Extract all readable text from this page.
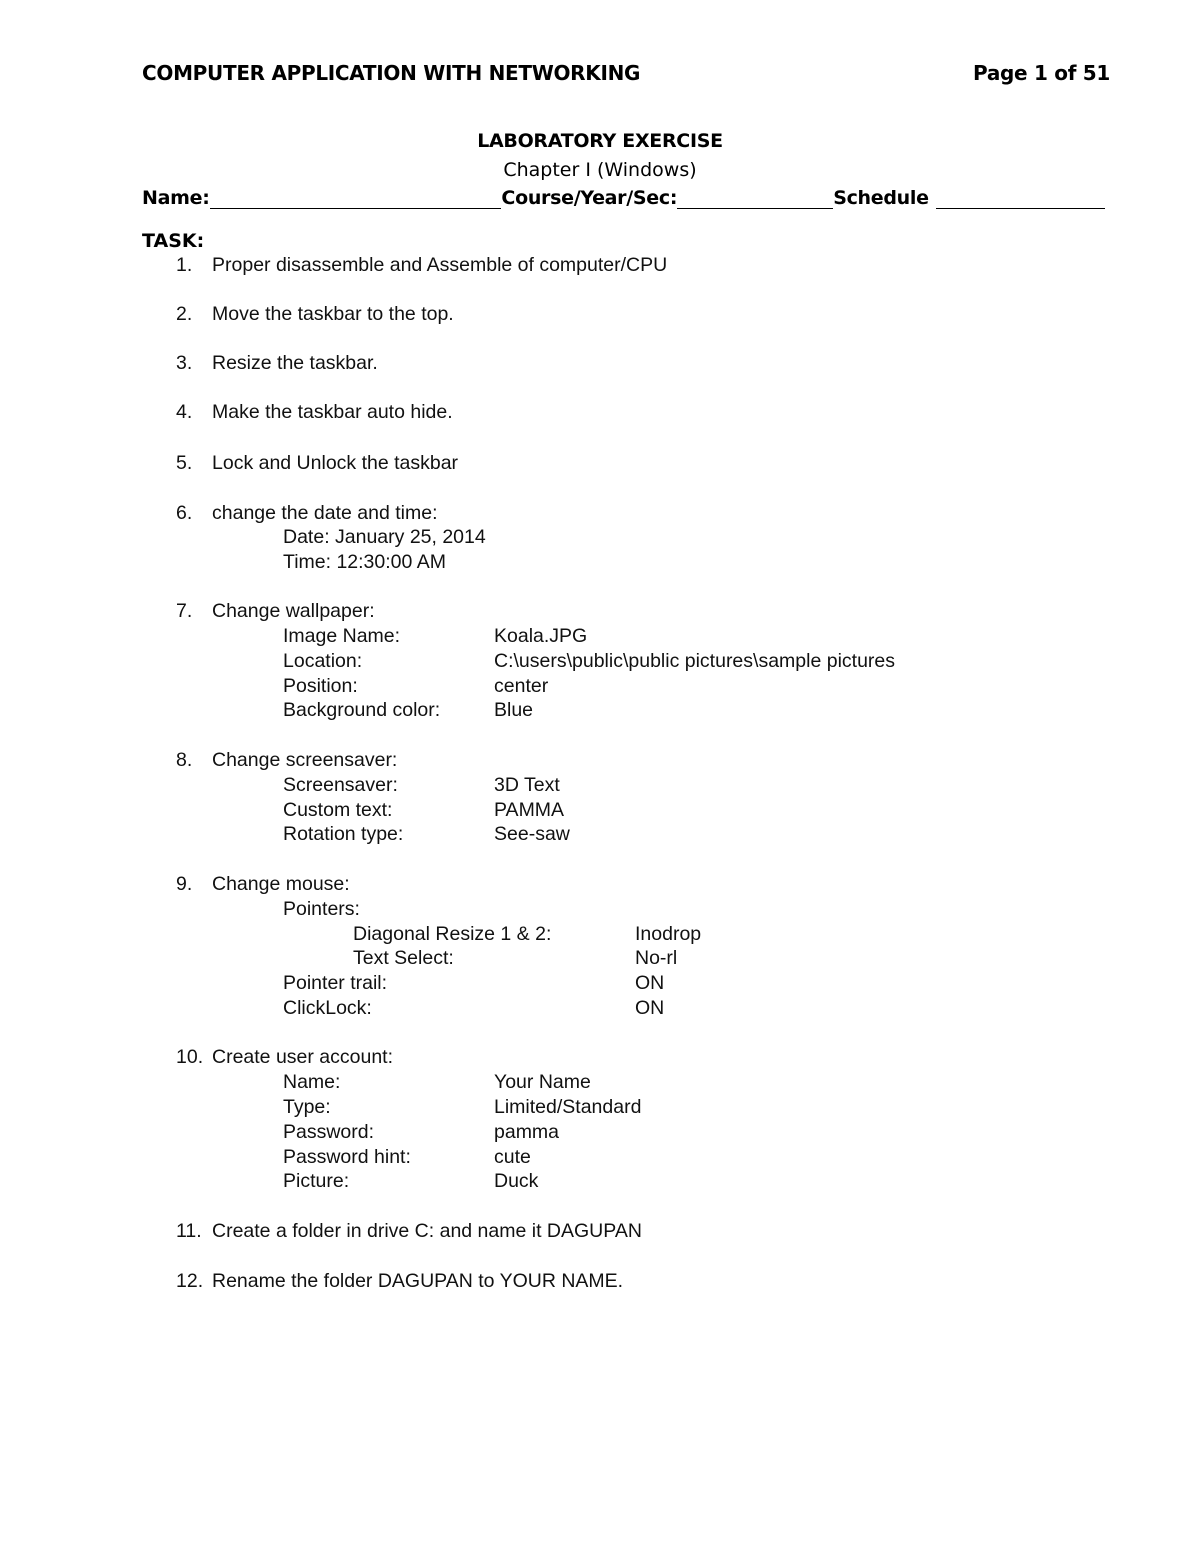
COMPUTER APPLICATION WITH NETWORKING	Page 1 of 51
LABORATORY EXERCISE
Chapter I (Windows)
Name:	Course/Year/Sec:	Schedule
TASK:
1. Proper disassemble and Assemble of computer/CPU
2. Move the taskbar to the top.
3. Resize the taskbar.
4. Make the taskbar auto hide.
5. Lock and Unlock the taskbar
6. change the date and time:
Date: January 25, 2014
Time: 12:30:00 AM
7. Change wallpaper:
Image Name:	Koala.JPG
Location:	C:\users\public\public pictures\sample pictures
Position:	center
Background color:	Blue
8. Change screensaver:
Screensaver:	3D Text
Custom text:	PAMMA
Rotation type:	See-saw
9. Change mouse:
Pointers:
Diagonal Resize 1 & 2:	Inodrop
Text Select:	No-rl
Pointer trail:	ON
ClickLock:	ON
10. Create user account:
Name:	Your Name
Type:	Limited/Standard
Password:	pamma
Password hint:	cute
Picture:	Duck
11. Create a folder in drive C: and name it DAGUPAN
12. Rename the folder DAGUPAN to YOUR NAME.
